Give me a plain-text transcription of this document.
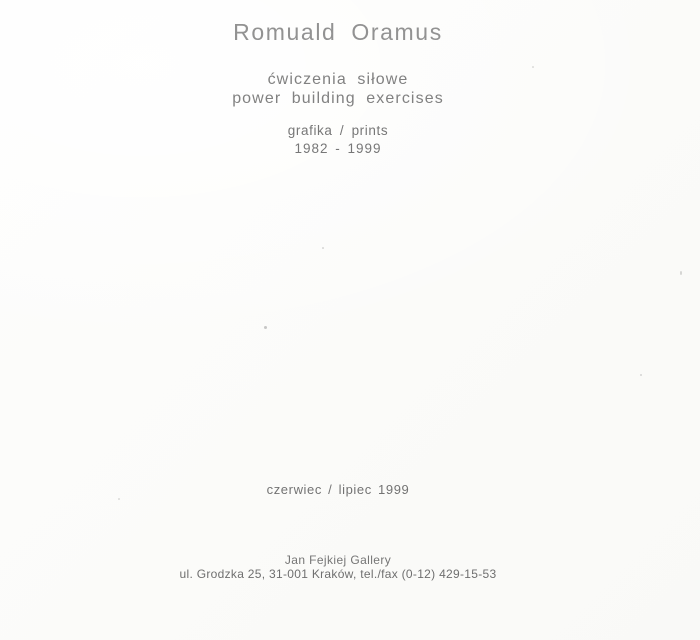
Romuald Oramus
ćwiczenia siłowe
power building exercises
grafika / prints
1982 - 1999
czerwiec / lipiec 1999
Jan Fejkiej Gallery
ul. Grodzka 25, 31-001 Kraków, tel./fax (0-12) 429-15-53
